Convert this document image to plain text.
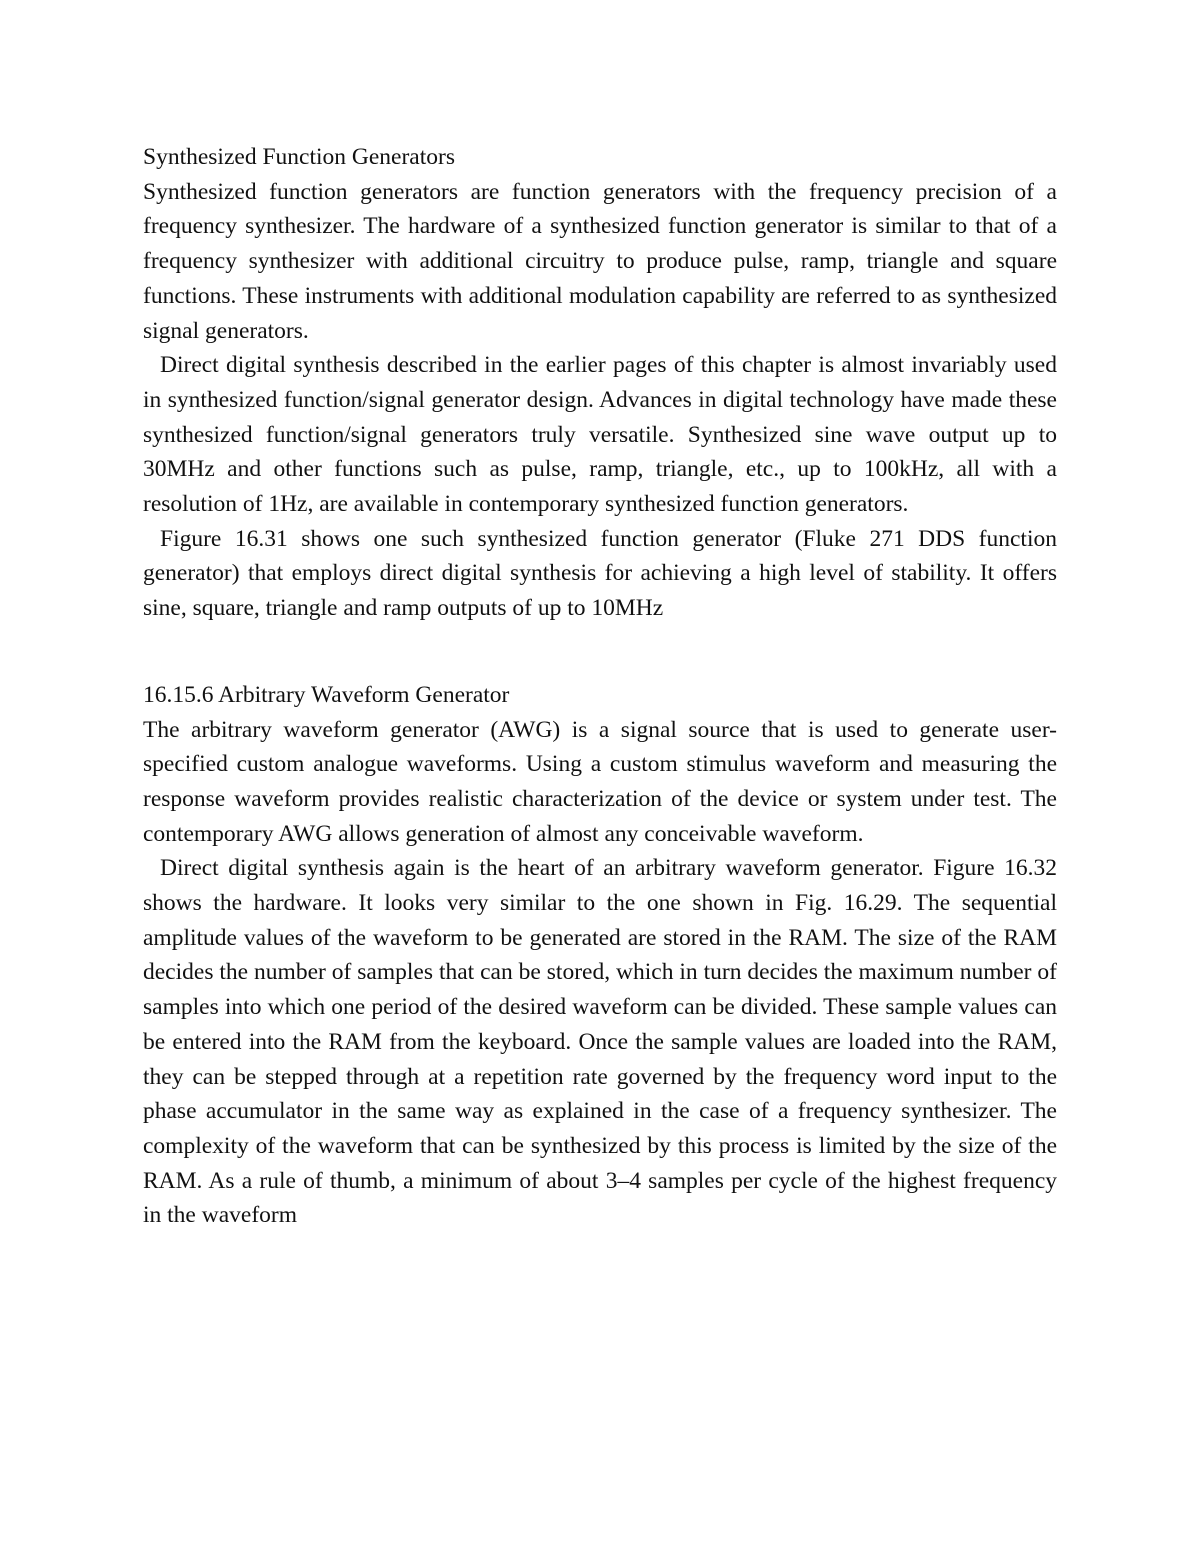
Synthesized Function Generators

Synthesized function generators are function generators with the frequency precision of a frequency synthesizer. The hardware of a synthesized function generator is similar to that of a frequency synthesizer with additional circuitry to produce pulse, ramp, triangle and square functions. These instruments with additional modulation capability are referred to as synthesized signal generators.

Direct digital synthesis described in the earlier pages of this chapter is almost invariably used in synthesized function/signal generator design. Advances in digital technology have made these synthesized function/signal generators truly versatile. Synthesized sine wave output up to 30MHz and other functions such as pulse, ramp, triangle, etc., up to 100kHz, all with a resolution of 1Hz, are available in contemporary synthesized function generators.

Figure 16.31 shows one such synthesized function generator (Fluke 271 DDS function generator) that employs direct digital synthesis for achieving a high level of stability. It offers sine, square, triangle and ramp outputs of up to 10MHz

16.15.6 Arbitrary Waveform Generator

The arbitrary waveform generator (AWG) is a signal source that is used to generate user-specified custom analogue waveforms. Using a custom stimulus waveform and measuring the response waveform provides realistic characterization of the device or system under test. The contemporary AWG allows generation of almost any conceivable waveform.

Direct digital synthesis again is the heart of an arbitrary waveform generator. Figure 16.32 shows the hardware. It looks very similar to the one shown in Fig. 16.29. The sequential amplitude values of the waveform to be generated are stored in the RAM. The size of the RAM decides the number of samples that can be stored, which in turn decides the maximum number of samples into which one period of the desired waveform can be divided. These sample values can be entered into the RAM from the keyboard. Once the sample values are loaded into the RAM, they can be stepped through at a repetition rate governed by the frequency word input to the phase accumulator in the same way as explained in the case of a frequency synthesizer. The complexity of the waveform that can be synthesized by this process is limited by the size of the RAM. As a rule of thumb, a minimum of about 3–4 samples per cycle of the highest frequency in the waveform
